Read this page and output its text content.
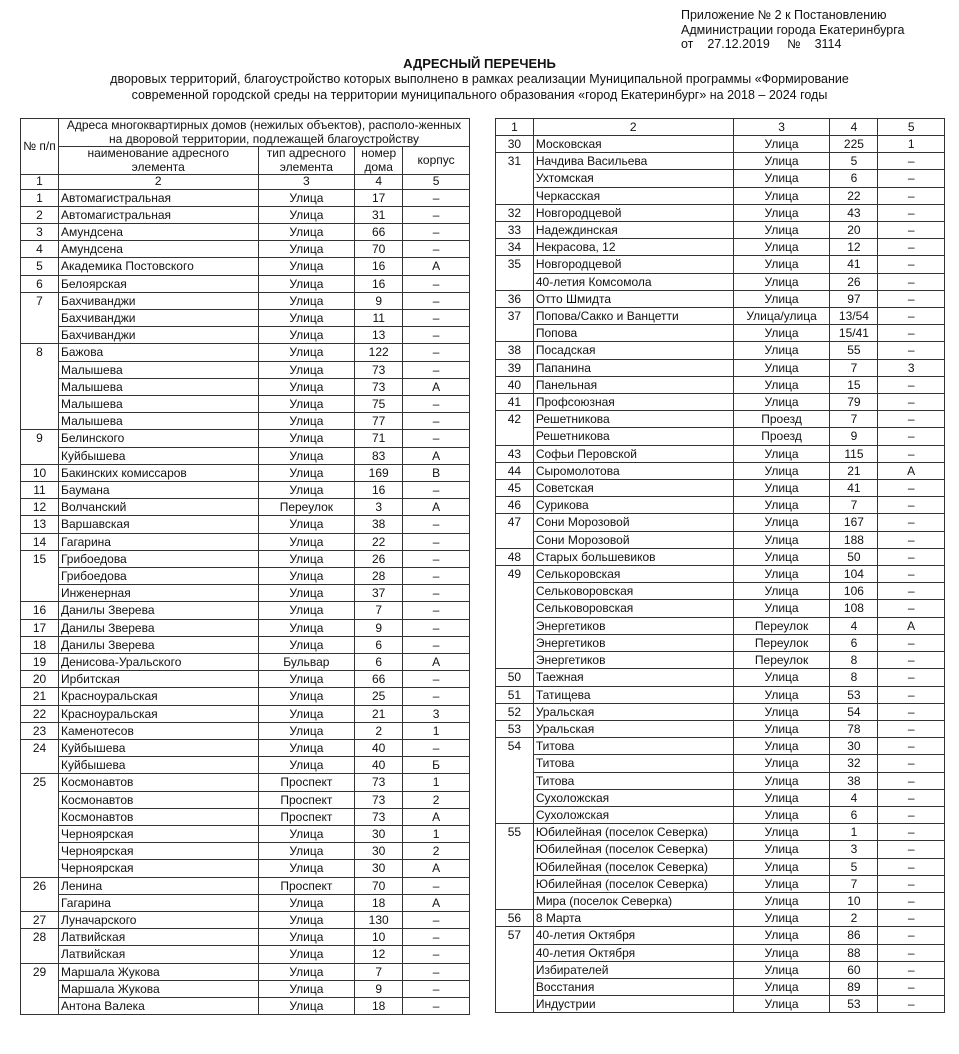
Приложение № 2 к Постановлению
Администрации города Екатеринбурга
от 27.12.2019 № 3114
АДРЕСНЫЙ ПЕРЕЧЕНЬ
дворовых территорий, благоустройство которых выполнено в рамках реализации Муниципальной программы «Формирование
современной городской среды на территории муниципального образования «город Екатеринбург» на 2018 – 2024 годы
№ п/п	Адреса многоквартирных домов (нежилых объектов), располо-женных на дворовой территории, подлежащей благоустройству			
	наименование адресного элемента	тип адресного элемента	номер дома	корпус
1	2	3	4	5
1	Автомагистральная	Улица	17	–
2	Автомагистральная	Улица	31	–
3	Амундсена	Улица	66	–
4	Амундсена	Улица	70	–
5	Академика Постовского	Улица	16	А
6	Белоярская	Улица	16	–
7	Бахчиванджи	Улица	9	–
	Бахчиванджи	Улица	11	–
	Бахчиванджи	Улица	13	–
8	Бажова	Улица	122	–
	Малышева	Улица	73	–
	Малышева	Улица	73	А
	Малышева	Улица	75	–
	Малышева	Улица	77	–
9	Белинского	Улица	71	–
	Куйбышева	Улица	83	А
10	Бакинских комиссаров	Улица	169	В
11	Баумана	Улица	16	–
12	Волчанский	Переулок	3	А
13	Варшавская	Улица	38	–
14	Гагарина	Улица	22	–
15	Грибоедова	Улица	26	–
	Грибоедова	Улица	28	–
	Инженерная	Улица	37	–
16	Данилы Зверева	Улица	7	–
17	Данилы Зверева	Улица	9	–
18	Данилы Зверева	Улица	6	–
19	Денисова-Уральского	Бульвар	6	А
20	Ирбитская	Улица	66	–
21	Красноуральская	Улица	25	–
22	Красноуральская	Улица	21	3
23	Каменотесов	Улица	2	1
24	Куйбышева	Улица	40	–
	Куйбышева	Улица	40	Б
25	Космонавтов	Проспект	73	1
	Космонавтов	Проспект	73	2
	Космонавтов	Проспект	73	А
	Черноярская	Улица	30	1
	Черноярская	Улица	30	2
	Черноярская	Улица	30	А
26	Ленина	Проспект	70	–
	Гагарина	Улица	18	А
27	Луначарского	Улица	130	–
28	Латвийская	Улица	10	–
	Латвийская	Улица	12	–
29	Маршала Жукова	Улица	7	–
	Маршала Жукова	Улица	9	–
	Антона Валека	Улица	18	–
1	2	3	4	5
30	Московская	Улица	225	1
31	Начдива Васильева	Улица	5	–
	Ухтомская	Улица	6	–
	Черкасская	Улица	22	–
32	Новгородцевой	Улица	43	–
33	Надеждинская	Улица	20	–
34	Некрасова, 12	Улица	12	–
35	Новгородцевой	Улица	41	–
	40-летия Комсомола	Улица	26	–
36	Отто Шмидта	Улица	97	–
37	Попова/Сакко и Ванцетти	Улица/улица	13/54	–
	Попова	Улица	15/41	–
38	Посадская	Улица	55	–
39	Папанина	Улица	7	3
40	Панельная	Улица	15	–
41	Профсоюзная	Улица	79	–
42	Решетникова	Проезд	7	–
	Решетникова	Проезд	9	–
43	Софьи Перовской	Улица	115	–
44	Сыромолотова	Улица	21	А
45	Советская	Улица	41	–
46	Сурикова	Улица	7	–
47	Сони Морозовой	Улица	167	–
	Сони Морозовой	Улица	188	–
48	Старых большевиков	Улица	50	–
49	Селькоровская	Улица	104	–
	Сельковоровская	Улица	106	–
	Сельковоровская	Улица	108	–
	Энергетиков	Переулок	4	А
	Энергетиков	Переулок	6	–
	Энергетиков	Переулок	8	–
50	Таежная	Улица	8	–
51	Татищева	Улица	53	–
52	Уральская	Улица	54	–
53	Уральская	Улица	78	–
54	Титова	Улица	30	–
	Титова	Улица	32	–
	Титова	Улица	38	–
	Сухоложская	Улица	4	–
	Сухоложская	Улица	6	–
55	Юбилейная (поселок Северка)	Улица	1	–
	Юбилейная (поселок Северка)	Улица	3	–
	Юбилейная (поселок Северка)	Улица	5	–
	Юбилейная (поселок Северка)	Улица	7	–
	Мира (поселок Северка)	Улица	10	–
56	8 Марта	Улица	2	–
57	40-летия Октября	Улица	86	–
	40-летия Октября	Улица	88	–
	Избирателей	Улица	60	–
	Восстания	Улица	89	–
	Индустрии	Улица	53	–
